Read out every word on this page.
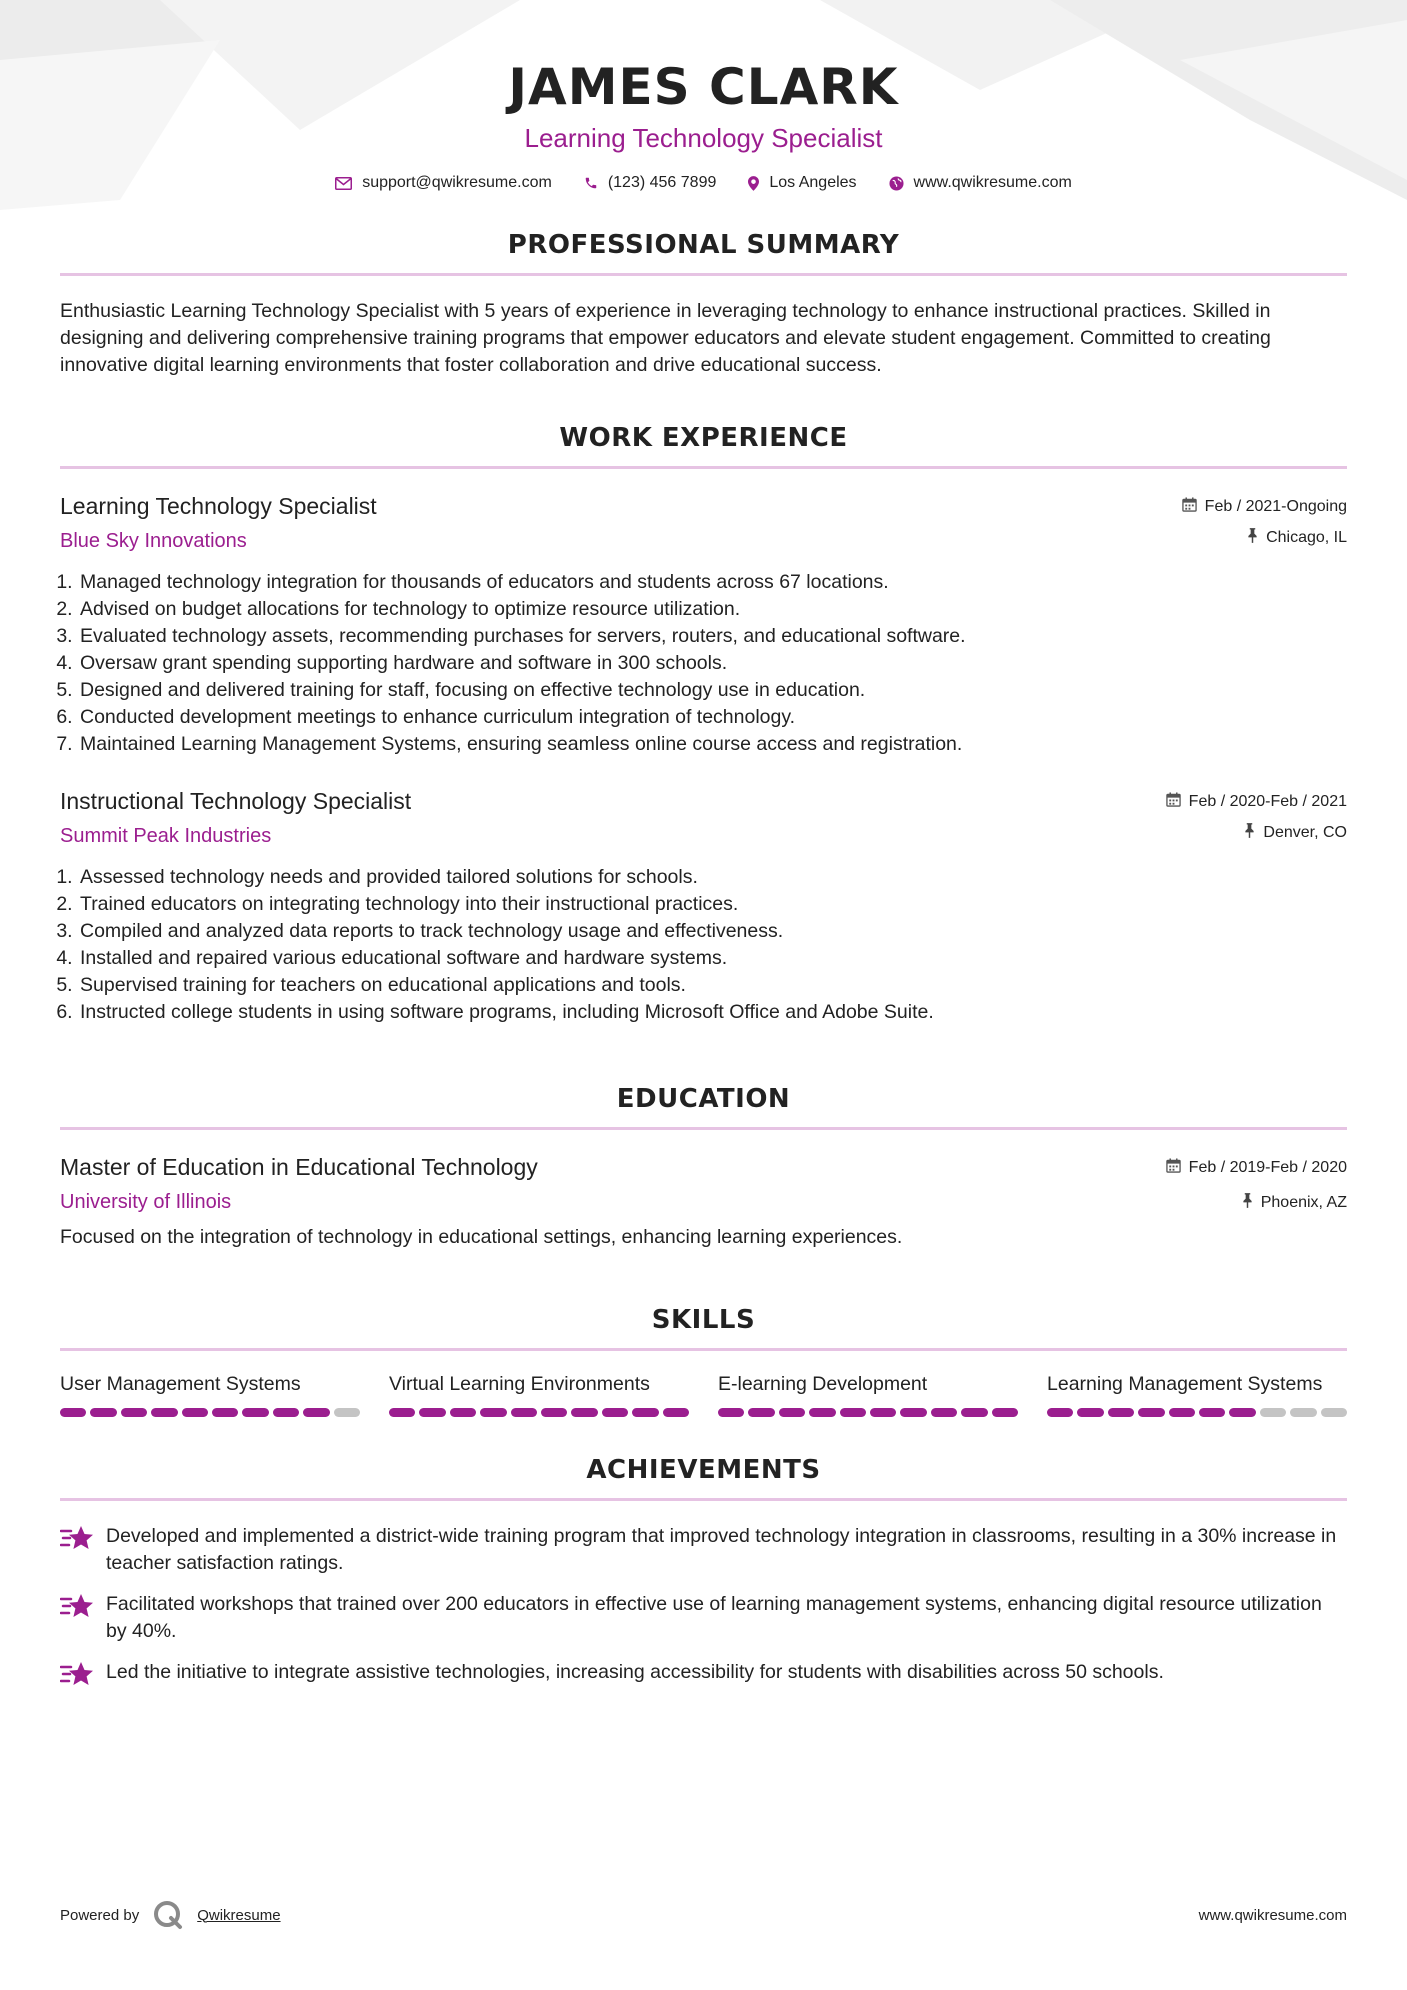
JAMES CLARK
Learning Technology Specialist
support@qwikresume.com	(123) 456 7899	Los Angeles	www.qwikresume.com
PROFESSIONAL SUMMARY

Enthusiastic Learning Technology Specialist with 5 years of experience in leveraging technology to enhance instructional practices. Skilled in designing and delivering comprehensive training programs that empower educators and elevate student engagement. Committed to creating innovative digital learning environments that foster collaboration and drive educational success.

WORK EXPERIENCE
Learning Technology Specialist
Blue Sky Innovations
Feb / 2021-Ongoing
Chicago, IL
1. Managed technology integration for thousands of educators and students across 67 locations.
2. Advised on budget allocations for technology to optimize resource utilization.
3. Evaluated technology assets, recommending purchases for servers, routers, and educational software.
4. Oversaw grant spending supporting hardware and software in 300 schools.
5. Designed and delivered training for staff, focusing on effective technology use in education.
6. Conducted development meetings to enhance curriculum integration of technology.
7. Maintained Learning Management Systems, ensuring seamless online course access and registration.
Instructional Technology Specialist
Summit Peak Industries
Feb / 2020-Feb / 2021
Denver, CO
1. Assessed technology needs and provided tailored solutions for schools.
2. Trained educators on integrating technology into their instructional practices.
3. Compiled and analyzed data reports to track technology usage and effectiveness.
4. Installed and repaired various educational software and hardware systems.
5. Supervised training for teachers on educational applications and tools.
6. Instructed college students in using software programs, including Microsoft Office and Adobe Suite.
EDUCATION
Master of Education in Educational Technology
University of Illinois
Feb / 2019-Feb / 2020
Phoenix, AZ
Focused on the integration of technology in educational settings, enhancing learning experiences.
SKILLS
User Management Systems	Virtual Learning Environments	E-learning Development	Learning Management Systems
ACHIEVEMENTS
Developed and implemented a district-wide training program that improved technology integration in classrooms, resulting in a 30% increase in teacher satisfaction ratings.
Facilitated workshops that trained over 200 educators in effective use of learning management systems, enhancing digital resource utilization by 40%.
Led the initiative to integrate assistive technologies, increasing accessibility for students with disabilities across 50 schools.
Powered by	Qwikresume	www.qwikresume.com
